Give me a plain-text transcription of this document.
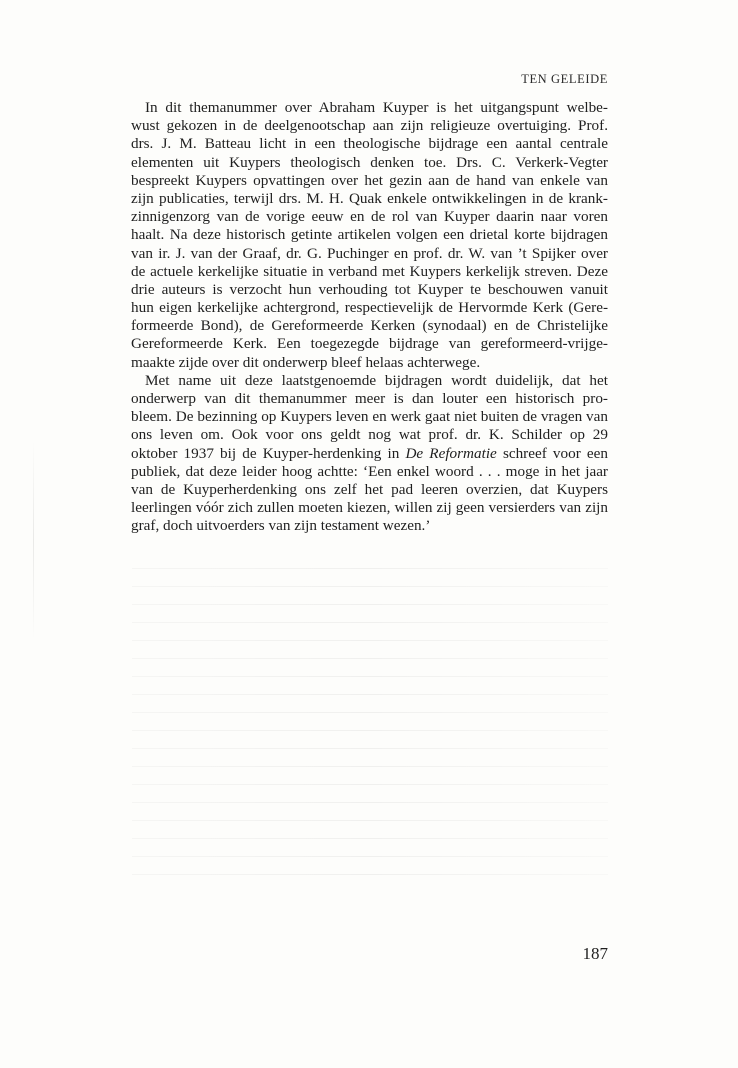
TEN GELEIDE
In dit themanummer over Abraham Kuyper is het uitgangspunt welbe-
wust gekozen in de deelgenootschap aan zijn religieuze overtuiging. Prof.
drs. J. M. Batteau licht in een theologische bijdrage een aantal centrale
elementen uit Kuypers theologisch denken toe. Drs. C. Verkerk-Vegter
bespreekt Kuypers opvattingen over het gezin aan de hand van enkele van
zijn publicaties, terwijl drs. M. H. Quak enkele ontwikkelingen in de krank-
zinnigenzorg van de vorige eeuw en de rol van Kuyper daarin naar voren
haalt. Na deze historisch getinte artikelen volgen een drietal korte bijdragen
van ir. J. van der Graaf, dr. G. Puchinger en prof. dr. W. van ’t Spijker over
de actuele kerkelijke situatie in verband met Kuypers kerkelijk streven. Deze
drie auteurs is verzocht hun verhouding tot Kuyper te beschouwen vanuit
hun eigen kerkelijke achtergrond, respectievelijk de Hervormde Kerk (Gere-
formeerde Bond), de Gereformeerde Kerken (synodaal) en de Christelijke
Gereformeerde Kerk. Een toegezegde bijdrage van gereformeerd-vrijge-
maakte zijde over dit onderwerp bleef helaas achterwege.
Met name uit deze laatstgenoemde bijdragen wordt duidelijk, dat het
onderwerp van dit themanummer meer is dan louter een historisch pro-
bleem. De bezinning op Kuypers leven en werk gaat niet buiten de vragen van
ons leven om. Ook voor ons geldt nog wat prof. dr. K. Schilder op 29
oktober 1937 bij de Kuyper-herdenking in De Reformatie schreef voor een
publiek, dat deze leider hoog achtte: ‘Een enkel woord . . . moge in het jaar
van de Kuyperherdenking ons zelf het pad leeren overzien, dat Kuypers
leerlingen vóór zich zullen moeten kiezen, willen zij geen versierders van zijn
graf, doch uitvoerders van zijn testament wezen.’
187
